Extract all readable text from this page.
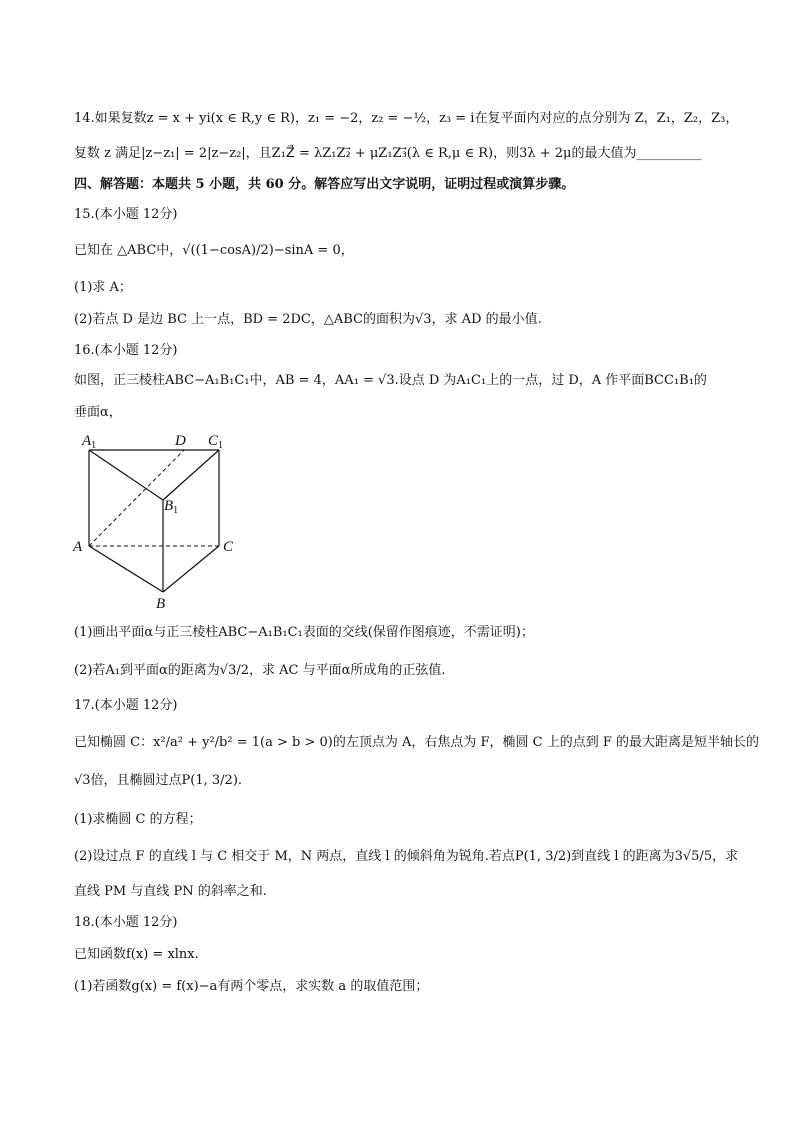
14.如果复数z = x + yi(x ∈ R,y ∈ R)，z₁ = −2，z₂ = −½，z₃ = i在复平面内对应的点分别为 Z，Z₁，Z₂，Z₃，
复数 z 满足|z−z₁| = 2|z−z₂|，且Z₁Z⃗ = λZ₁Z₂⃗ + μZ₁Z₃⃗(λ ∈ R,μ ∈ R)，则3λ + 2μ的最大值为__________
四、解答题：本题共 5 小题，共 60 分。解答应写出文字说明，证明过程或演算步骤。
15.(本小题 12分)
已知在 △ABC中，√((1−cosA)/2)−sinA = 0，
(1)求 A；
(2)若点 D 是边 BC 上一点，BD = 2DC，△ABC的面积为√3，求 AD 的最小值.
16.(本小题 12分)
如图，正三棱柱ABC−A₁B₁C₁中，AB = 4，AA₁ = √3.设点 D 为A₁C₁上的一点，过 D，A 作平面BCC₁B₁的
垂面α，
$A_1$	D $C_1$
$B_1$
A	C
B
(1)画出平面α与正三棱柱ABC−A₁B₁C₁表面的交线(保留作图痕迹，不需证明)；
(2)若A₁到平面α的距离为√3/2，求 AC 与平面α所成角的正弦值.
17.(本小题 12分)
已知椭圆 C：x²/a² + y²/b² = 1(a > b > 0)的左顶点为 A，右焦点为 F，椭圆 C 上的点到 F 的最大距离是短半轴长的
√3倍，且椭圆过点P(1, 3/2).
(1)求椭圆 C 的方程；
(2)设过点 F 的直线 l 与 C 相交于 M，N 两点，直线 l 的倾斜角为锐角.若点P(1, 3/2)到直线 l 的距离为3√5/5，求
直线 PM 与直线 PN 的斜率之和.
18.(本小题 12分)
已知函数f(x) = xlnx.
(1)若函数g(x) = f(x)−a有两个零点，求实数 a 的取值范围；
